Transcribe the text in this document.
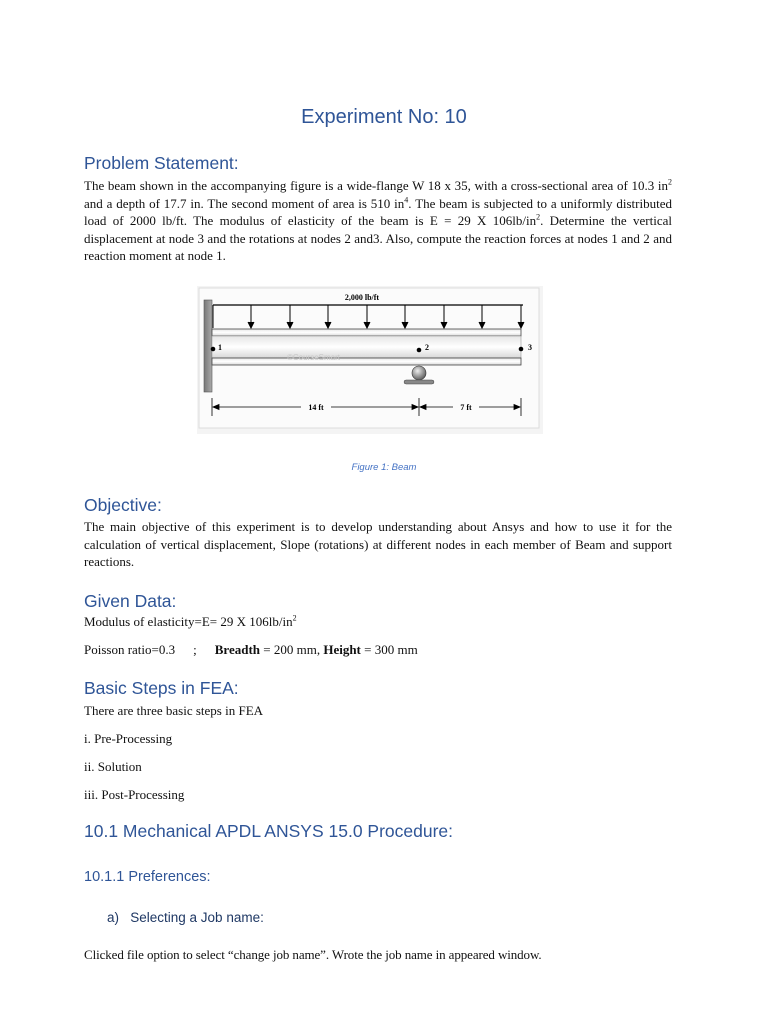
Experiment No: 10
Problem Statement:
The beam shown in the accompanying figure is a wide-flange W 18 x 35, with a cross-sectional area of 10.3 $in^2$ and a depth of 17.7 in. The second moment of area is 510 $in^4$. The beam is subjected to a uniformly distributed load of 2000 lb/ft. The modulus of elasticity of the beam is E = 29 X $106lb/in^2$. Determine the vertical displacement at node 3 and the rotations at nodes 2 and3. Also, compute the reaction forces at nodes 1 and 2 and reaction moment at node 1.
2,000 lb/ft
©CourseSmart
1	2	3
14 ft	7 ft
Figure 1: Beam
Objective:
The main objective of this experiment is to develop understanding about Ansys and how to use it for the calculation of vertical displacement, Slope (rotations) at different nodes in each member of Beam and support reactions.
Given Data:
Modulus of elasticity=E= 29 X $106lb/in^2$
Poisson ratio=0.3 ; Breadth = 200 mm, Height = 300 mm
Basic Steps in FEA:
There are three basic steps in FEA
i. Pre-Processing
ii. Solution
iii. Post-Processing
10.1 Mechanical APDL ANSYS 15.0 Procedure:
10.1.1 Preferences:
a)   Selecting a Job name:
Clicked file option to select “change job name”. Wrote the job name in appeared window.
